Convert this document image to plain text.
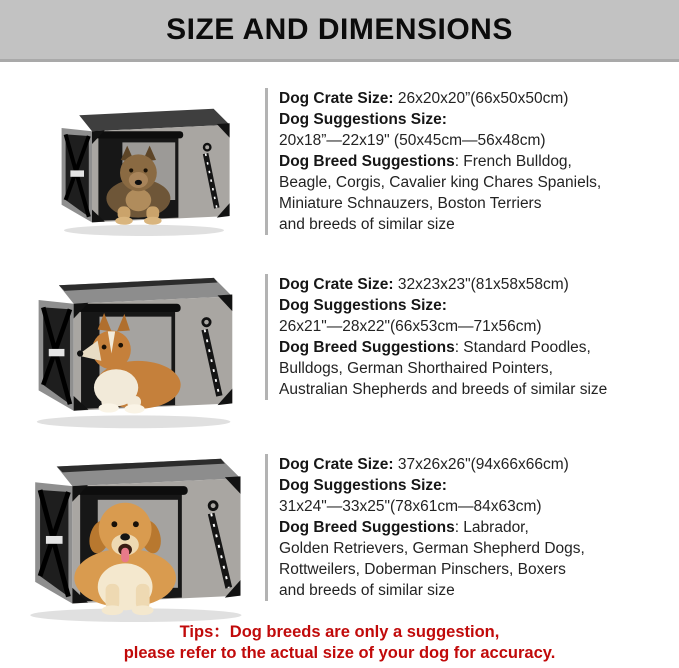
SIZE AND DIMENSIONS

Dog Crate Size: 26x20x20”(66x50x50cm)

Dog Suggestions Size:

20x18”—22x19" (50x45cm—56x48cm)

Dog Breed Suggestions: French Bulldog,

Beagle, Corgis, Cavalier king Chares Spaniels,

Miniature Schnauzers, Boston Terriers

and breeds of similar size

Dog Crate Size: 32x23x23"(81x58x58cm)

Dog Suggestions Size:

26x21"—28x22"(66x53cm—71x56cm)

Dog Breed Suggestions: Standard Poodles,

Bulldogs, German Shorthaired Pointers,

Australian Shepherds and breeds of similar size

Dog Crate Size: 37x26x26"(94x66x66cm)

Dog Suggestions Size:

31x24"—33x25"(78x61cm—84x63cm)

Dog Breed Suggestions: Labrador,

Golden Retrievers, German Shepherd Dogs,

Rottweilers, Doberman Pinschers, Boxers

and breeds of similar size

Tips：Dog breeds are only a suggestion,

please refer to the actual size of your dog for accuracy.
